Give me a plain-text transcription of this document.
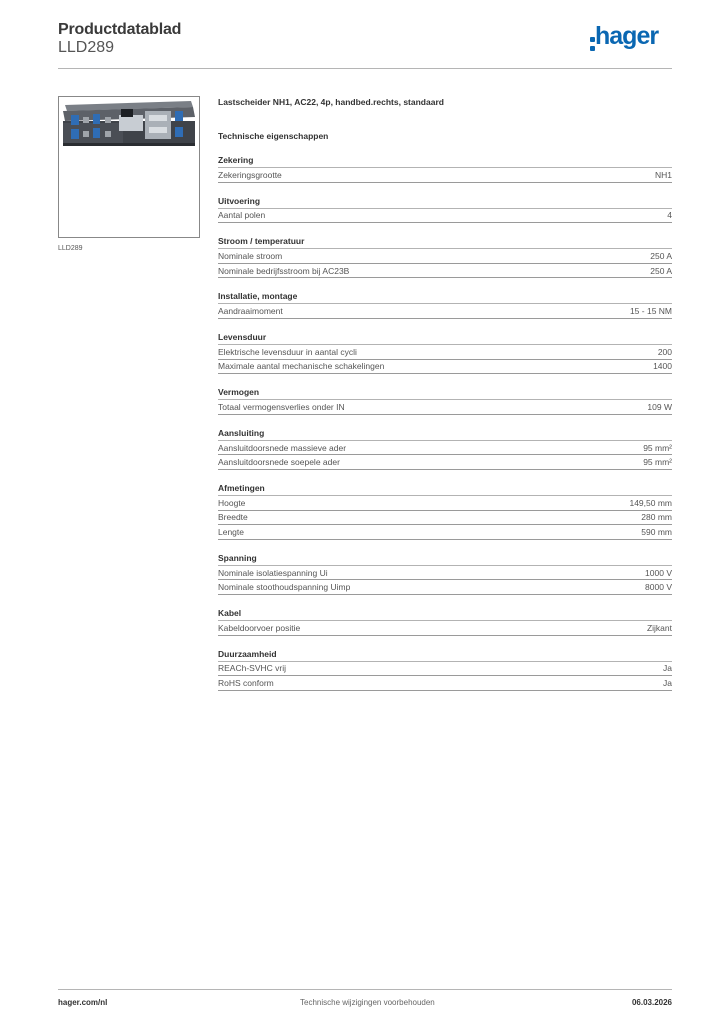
Productdatablad
LLD289	hager
LLD289
Lastscheider NH1, AC22, 4p, handbed.rechts, standaard
Technische eigenschappen
Zekering
Zekeringsgrootte	NH1
Uitvoering
Aantal polen	4
Stroom / temperatuur
Nominale stroom	250 A
Nominale bedrijfsstroom bij AC23B	250 A
Installatie, montage
Aandraaimoment	15 - 15 NM
Levensduur
Elektrische levensduur in aantal cycli	200
Maximale aantal mechanische schakelingen	1400
Vermogen
Totaal vermogensverlies onder IN	109 W
Aansluiting
Aansluitdoorsnede massieve ader	95 mm²
Aansluitdoorsnede soepele ader	95 mm²
Afmetingen
Hoogte	149,50 mm
Breedte	280 mm
Lengte	590 mm
Spanning
Nominale isolatiespanning Ui	1000 V
Nominale stoothoudspanning Uimp	8000 V
Kabel
Kabeldoorvoer positie	Zijkant
Duurzaamheid
REACh-SVHC vrij	Ja
RoHS conform	Ja
hager.com/nl	Technische wijzigingen voorbehouden	06.03.2026
